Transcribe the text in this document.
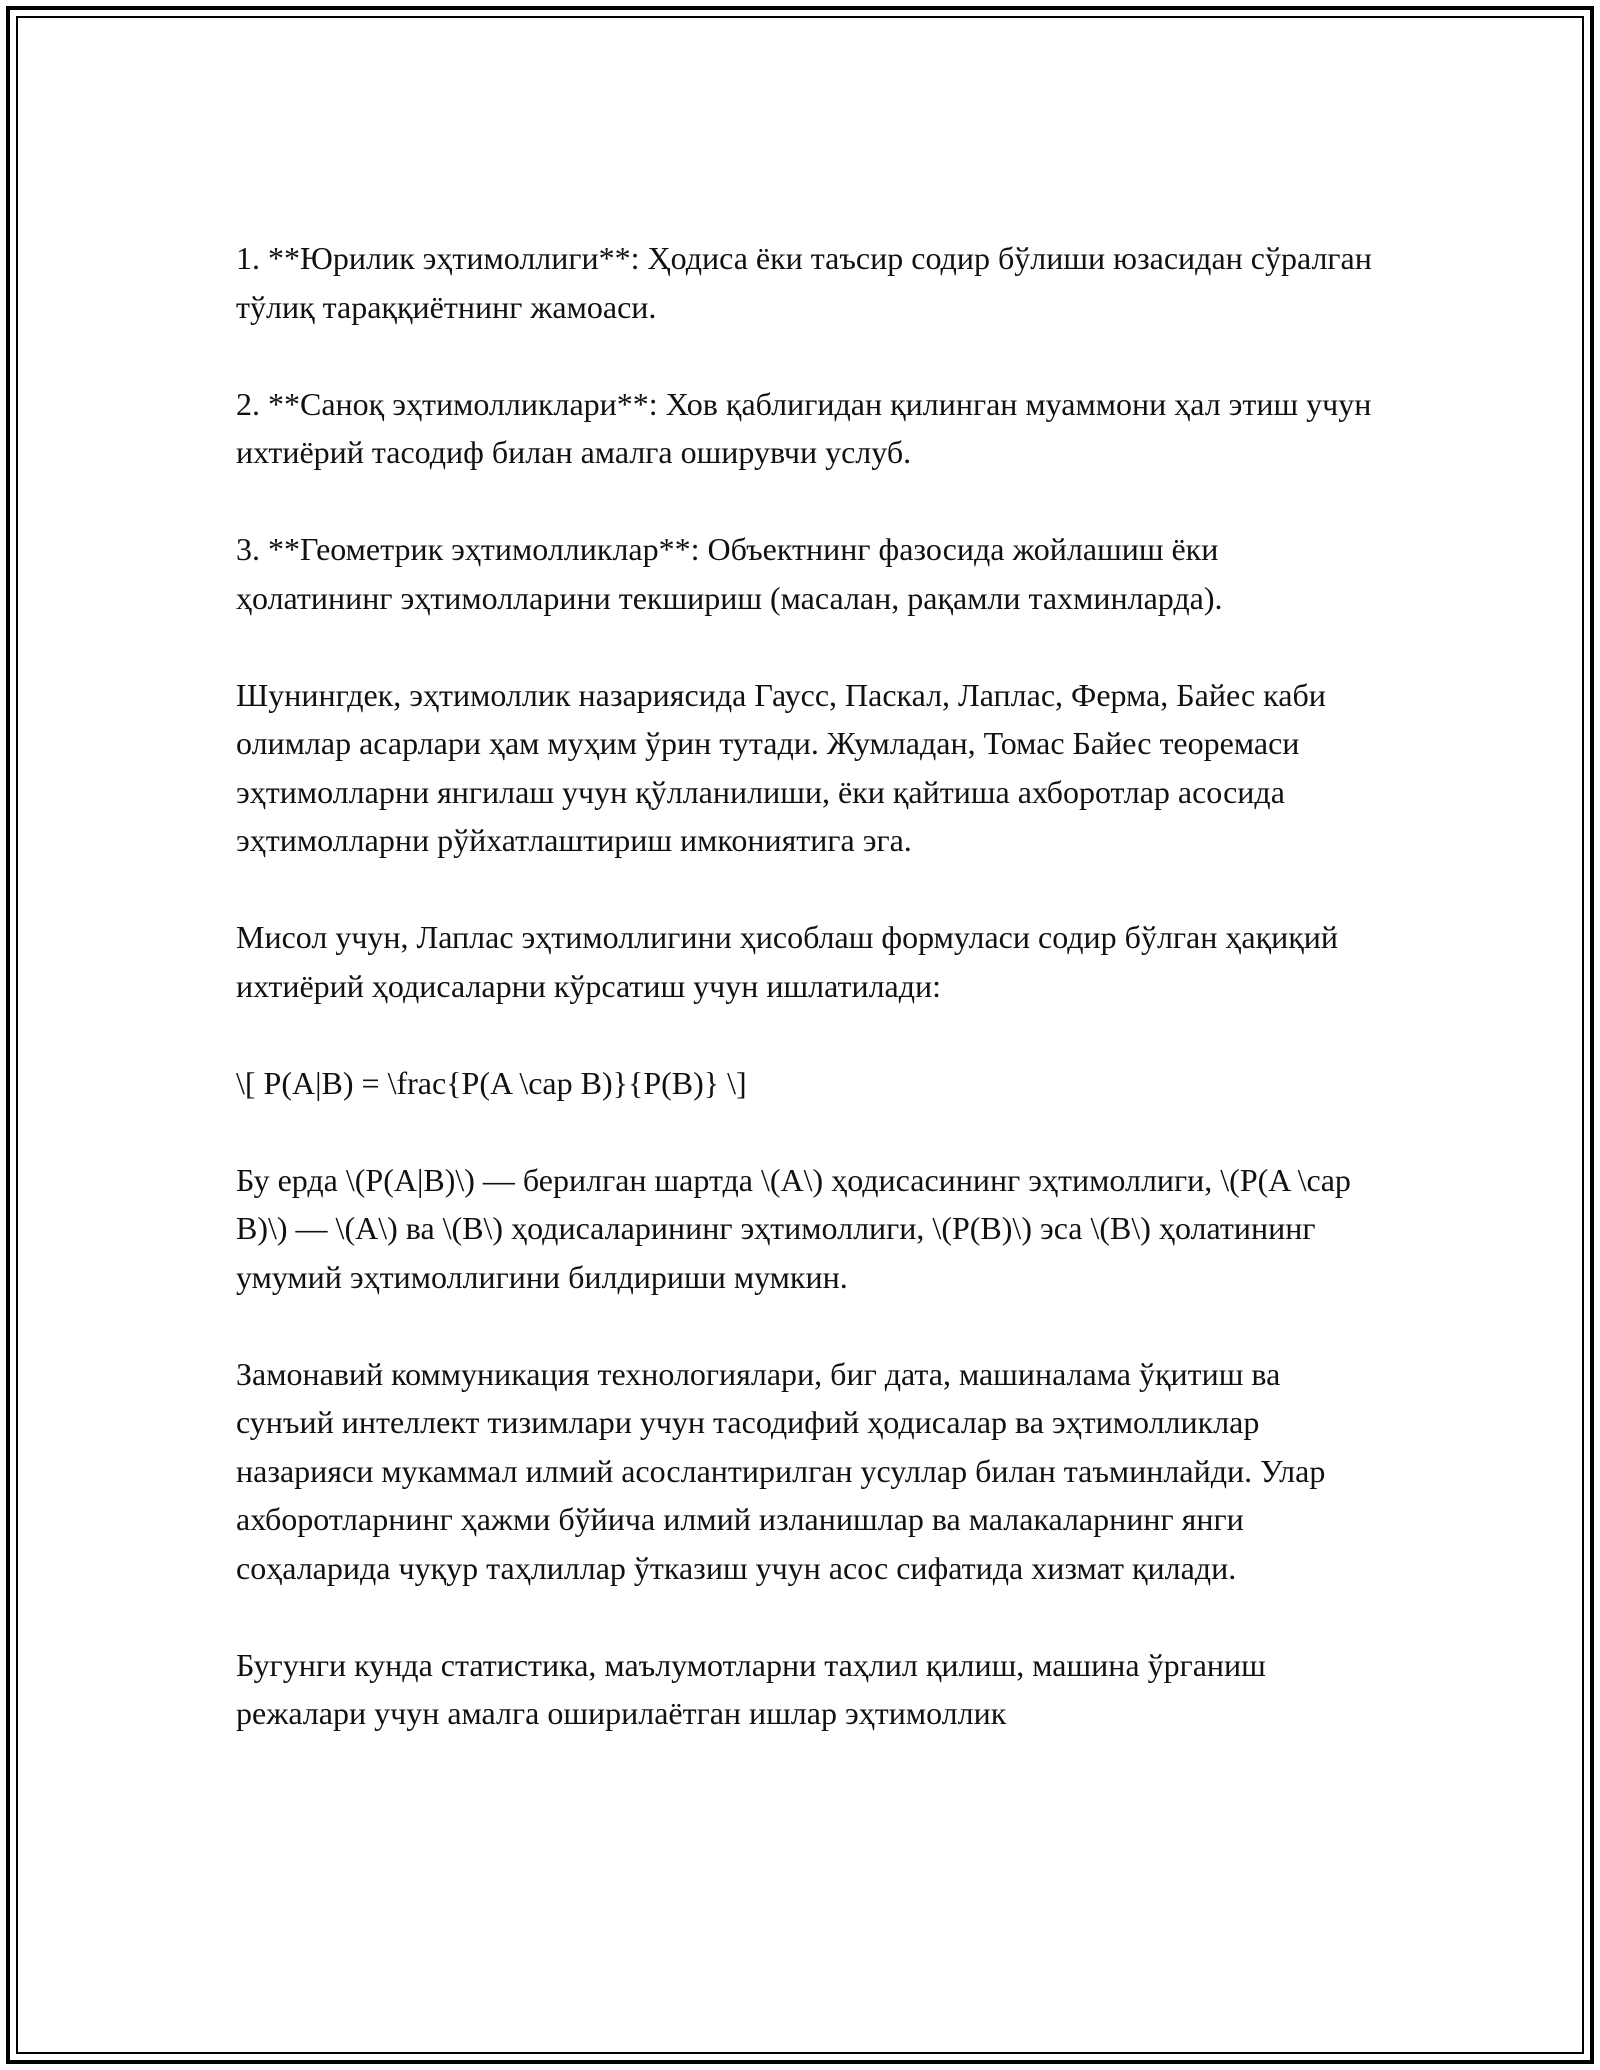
1. **Юрилик эҳтимоллиги**: Ҳодиса ёки таъсир содир бўлиши юзасидан сўралган тўлиқ тараққиётнинг жамоаси.

2. **Саноқ эҳтимолликлари**: Хов қаблигидан қилинган муаммони ҳал этиш учун ихтиёрий тасодиф билан амалга оширувчи услуб.

3. **Геометрик эҳтимолликлар**: Объектнинг фазосида жойлашиш ёки ҳолатининг эҳтимолларини текшириш (масалан, рақамли тахминларда).

Шунингдек, эҳтимоллик назариясида Гаусс, Паскал, Лаплас, Ферма, Байес каби олимлар асарлари ҳам муҳим ўрин тутади. Жумладан, Томас Байес теоремаси эҳтимолларни янгилаш учун қўлланилиши, ёки қайтиша ахборотлар асосида эҳтимолларни рўйхатлаштириш имкониятига эга.

Мисол учун, Лаплас эҳтимоллигини ҳисоблаш формуласи содир бўлган ҳақиқий ихтиёрий ҳодисаларни кўрсатиш учун ишлатилади:

\[ P(A|B) = \frac{P(A \cap B)}{P(B)} \]

Бу ерда \(P(A|B)\) — берилган шартда \(A\) ҳодисасининг эҳтимоллиги, \(P(A \cap B)\) — \(A\) ва \(B\) ҳодисаларининг эҳтимоллиги, \(P(B)\) эса \(B\) ҳолатининг умумий эҳтимоллигини билдириши мумкин.

Замонавий коммуникация технологиялари, биг дата, машиналама ўқитиш ва сунъий интеллект тизимлари учун тасодифий ҳодисалар ва эҳтимолликлар назарияси мукаммал илмий асослантирилган усуллар билан таъминлайди. Улар ахборотларнинг ҳажми бўйича илмий изланишлар ва малакаларнинг янги соҳаларида чуқур таҳлиллар ўтказиш учун асос сифатида хизмат қилади.

Бугунги кунда статистика, маълумотларни таҳлил қилиш, машина ўрганиш режалари учун амалга оширилаётган ишлар эҳтимоллик
